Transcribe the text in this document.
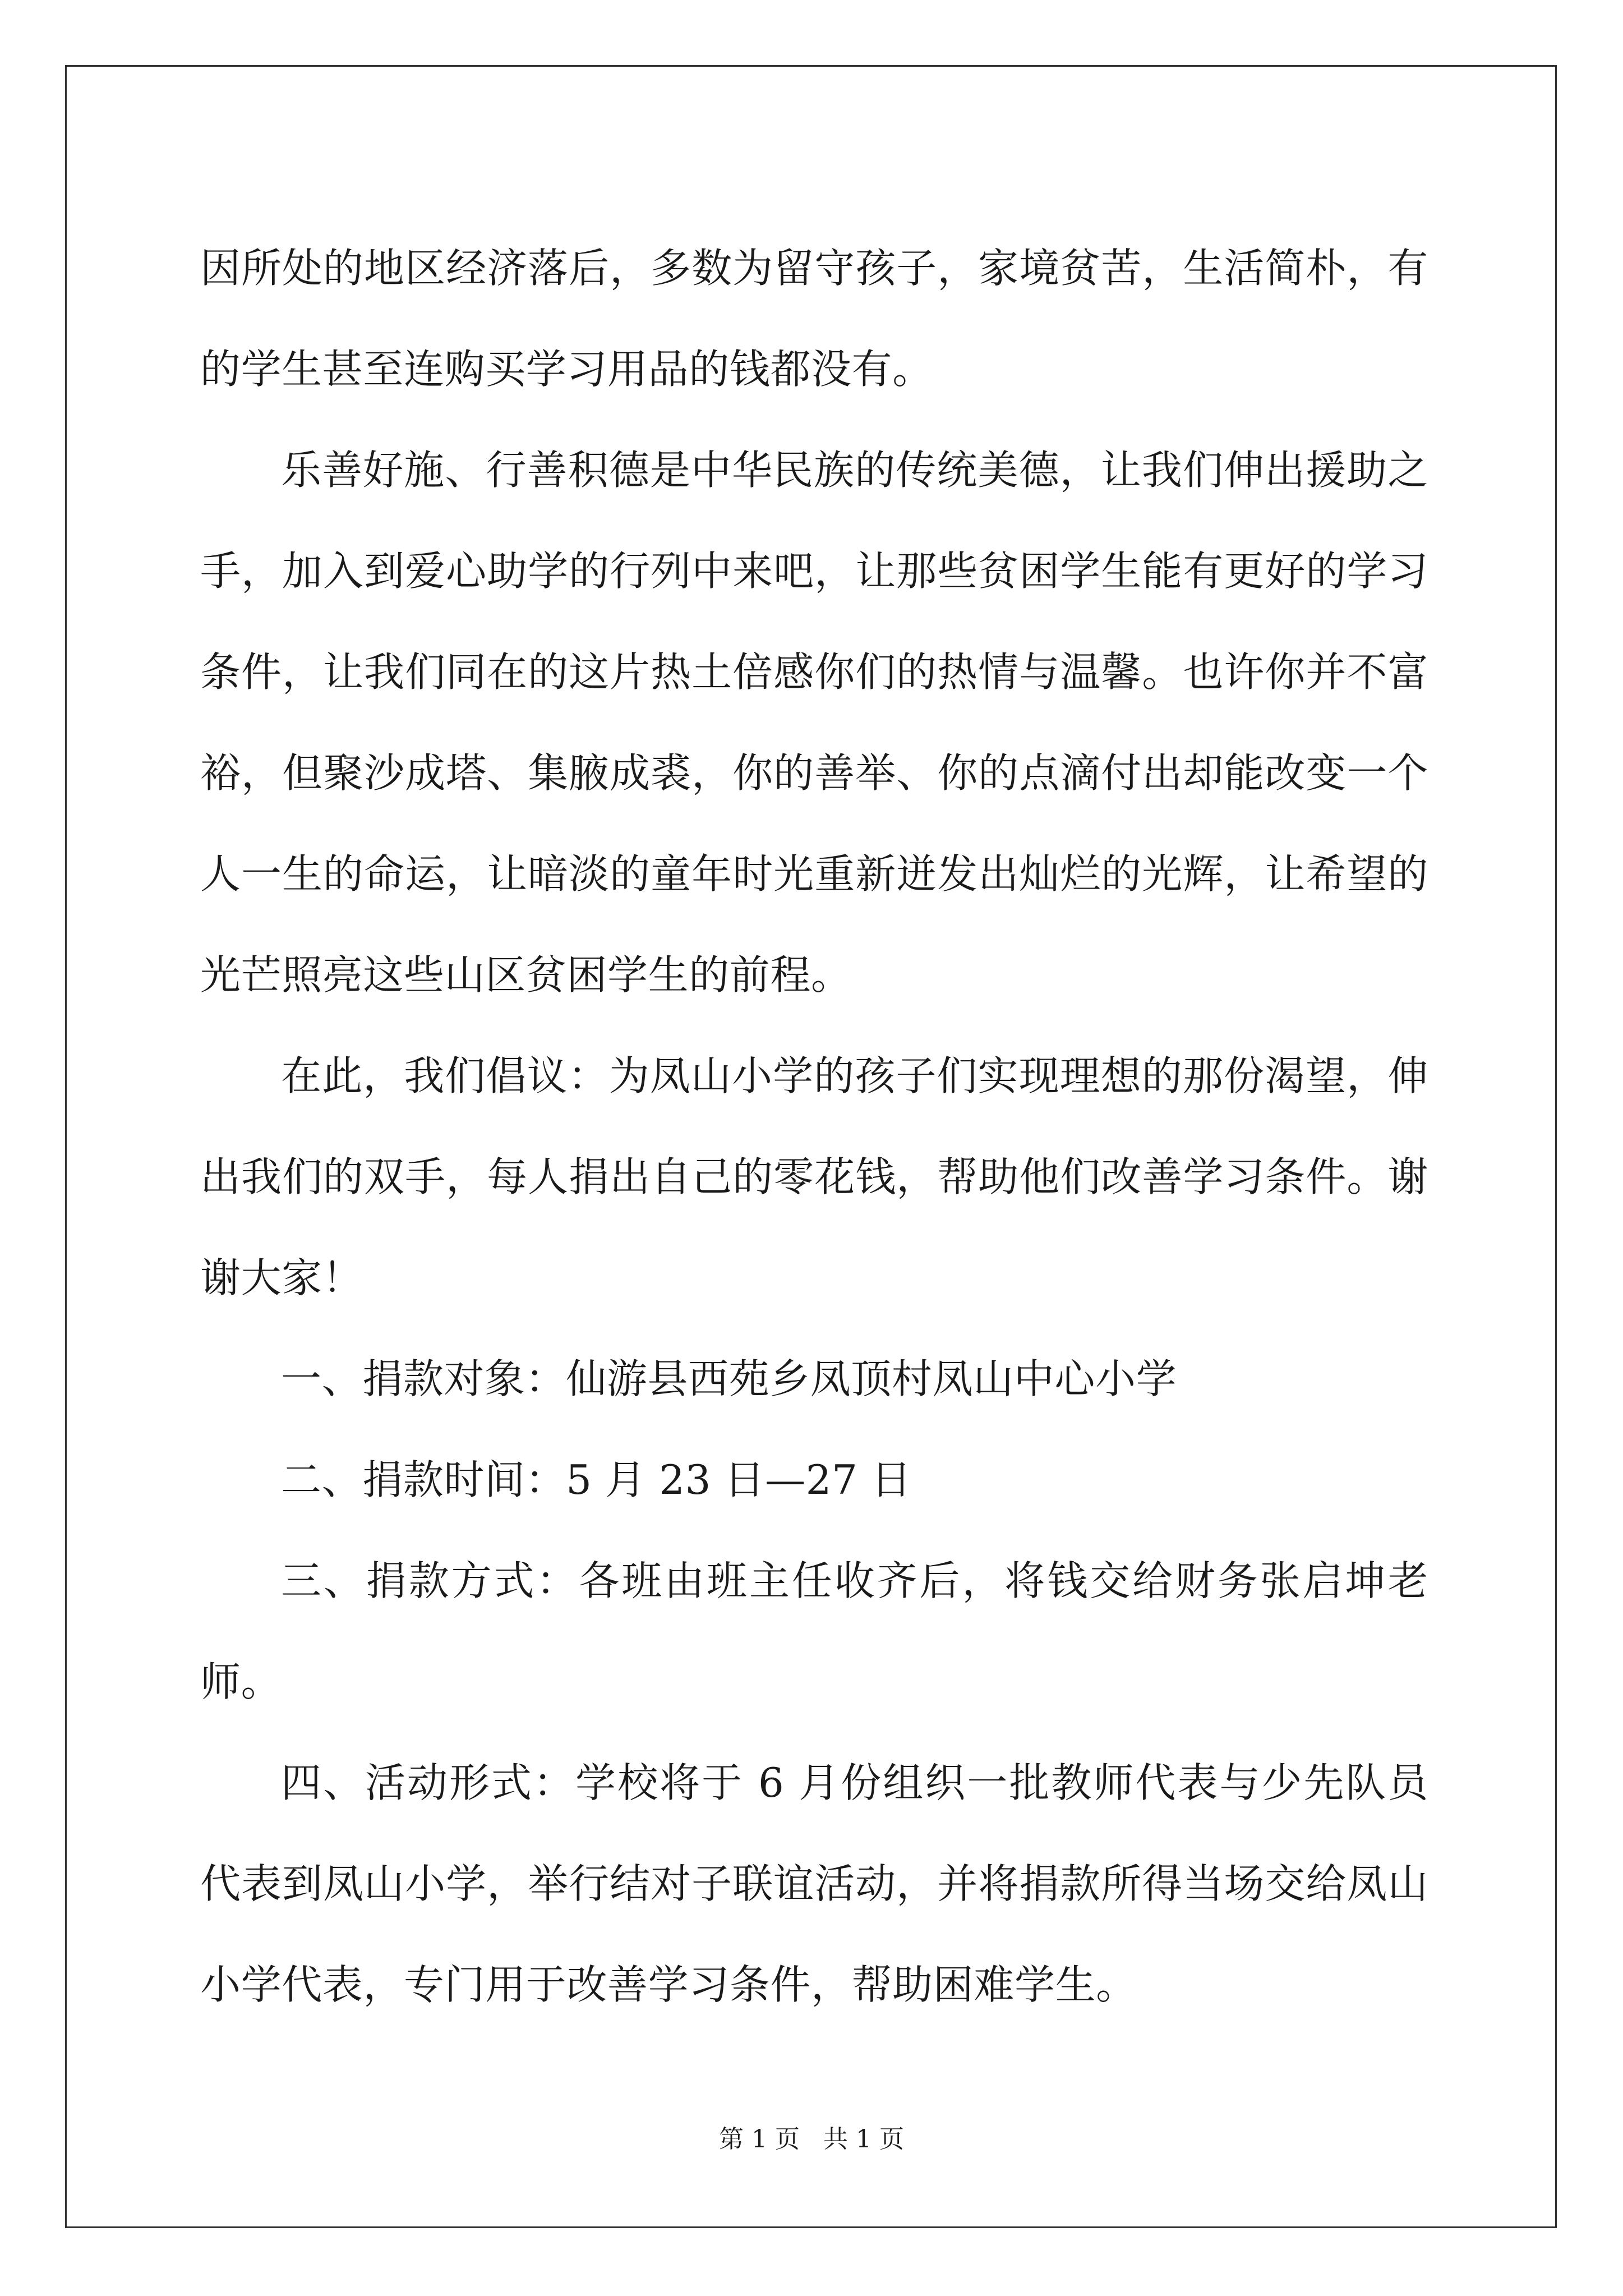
因所处的地区经济落后，多数为留守孩子，家境贫苦，生活简朴，有的学生甚至连购买学习用品的钱都没有。

乐善好施、行善积德是中华民族的传统美德，让我们伸出援助之手，加入到爱心助学的行列中来吧，让那些贫困学生能有更好的学习条件，让我们同在的这片热土倍感你们的热情与温馨。也许你并不富裕，但聚沙成塔、集腋成裘，你的善举、你的点滴付出却能改变一个人一生的命运，让暗淡的童年时光重新迸发出灿烂的光辉，让希望的光芒照亮这些山区贫困学生的前程。

在此，我们倡议：为凤山小学的孩子们实现理想的那份渴望，伸出我们的双手，每人捐出自己的零花钱，帮助他们改善学习条件。谢谢大家！

一、捐款对象：仙游县西苑乡凤顶村凤山中心小学

二、捐款时间：5 月 23 日—27 日

三、捐款方式：各班由班主任收齐后，将钱交给财务张启坤老师。

四、活动形式：学校将于 6 月份组织一批教师代表与少先队员代表到凤山小学，举行结对子联谊活动，并将捐款所得当场交给凤山小学代表，专门用于改善学习条件，帮助困难学生。

第 1 页 共 1 页
